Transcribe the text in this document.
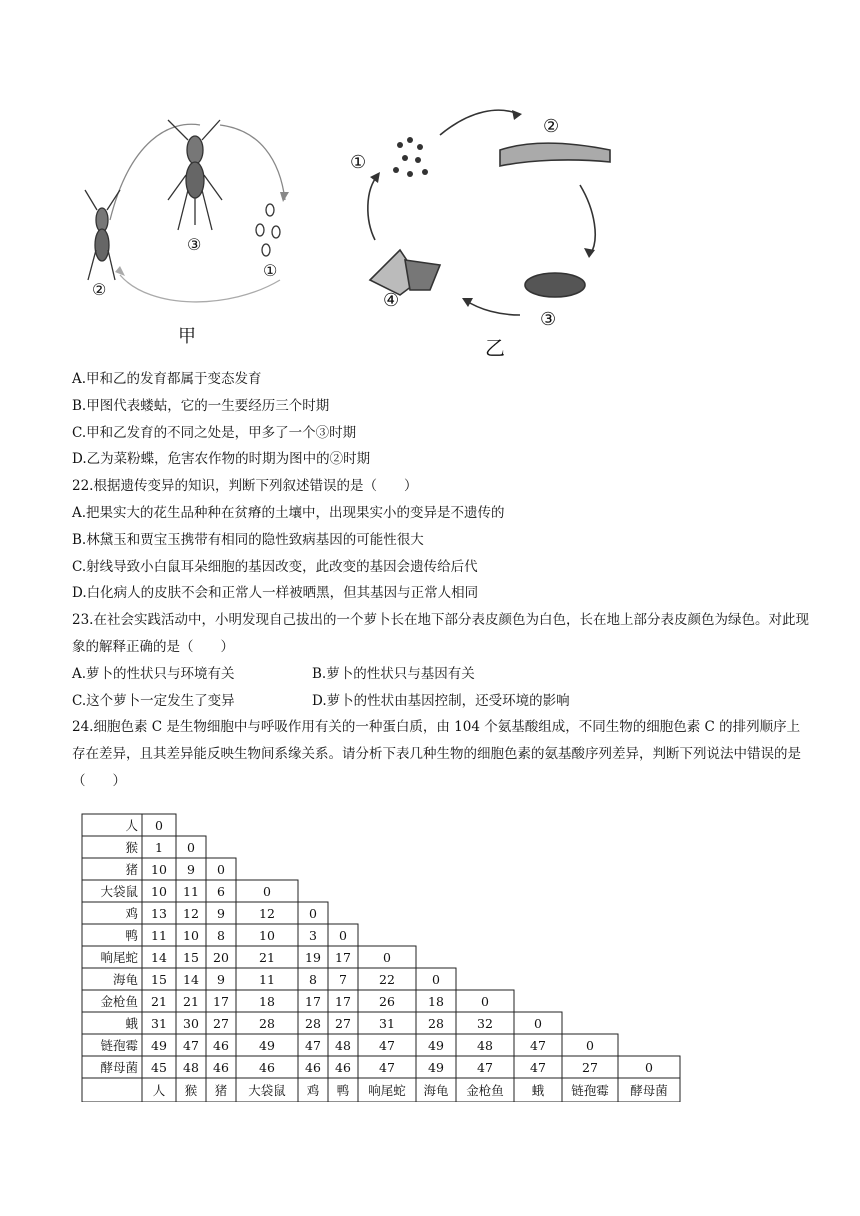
③
②
①
甲
①
②
③
④
乙
A.甲和乙的发育都属于变态发育
B.甲图代表蝼蛄，它的一生要经历三个时期
C.甲和乙发育的不同之处是，甲多了一个③时期
D.乙为菜粉蝶，危害农作物的时期为图中的②时期
22.根据遗传变异的知识，判断下列叙述错误的是（　　）
A.把果实大的花生品种种在贫瘠的土壤中，出现果实小的变异是不遗传的
B.林黛玉和贾宝玉携带有相同的隐性致病基因的可能性很大
C.射线导致小白鼠耳朵细胞的基因改变，此改变的基因会遗传给后代
D.白化病人的皮肤不会和正常人一样被晒黑，但其基因与正常人相同
23.在社会实践活动中，小明发现自己拔出的一个萝卜长在地下部分表皮颜色为白色，长在地上部分表皮颜色为绿色。对此现象的解释正确的是（　　）
A.萝卜的性状只与环境有关	B.萝卜的性状只与基因有关
C.这个萝卜一定发生了变异	D.萝卜的性状由基因控制，还受环境的影响
24.细胞色素 C 是生物细胞中与呼吸作用有关的一种蛋白质，由 104 个氨基酸组成，不同生物的细胞色素 C 的排列顺序上存在差异，且其差异能反映生物间系缘关系。请分析下表几种生物的细胞色素的氨基酸序列差异，判断下列说法中错误的是（　　）
人 0
猴 1 0
猪 10 9 0
大袋鼠 10 11 6	0
鸡 13 12 9	12	0
鸭 11 10 8	10	3 0
响尾蛇 14 15 20 21 19 17	0
海龟 15 14 9	11	8 7	22	0
金枪鱼 21 21 17 18 17 17 26	18	0
蛾 31 30 27 28 28 27 31	28	32	0
链孢霉 49 47 46 49 47 48 47	49	48	47	0
酵母菌 45 48 46 46 46 46 47	49	47	47	27	0
人 猴 猪 大袋鼠 鸡 鸭 响尾蛇 海龟 金枪鱼 蛾 链孢霉 酵母菌
